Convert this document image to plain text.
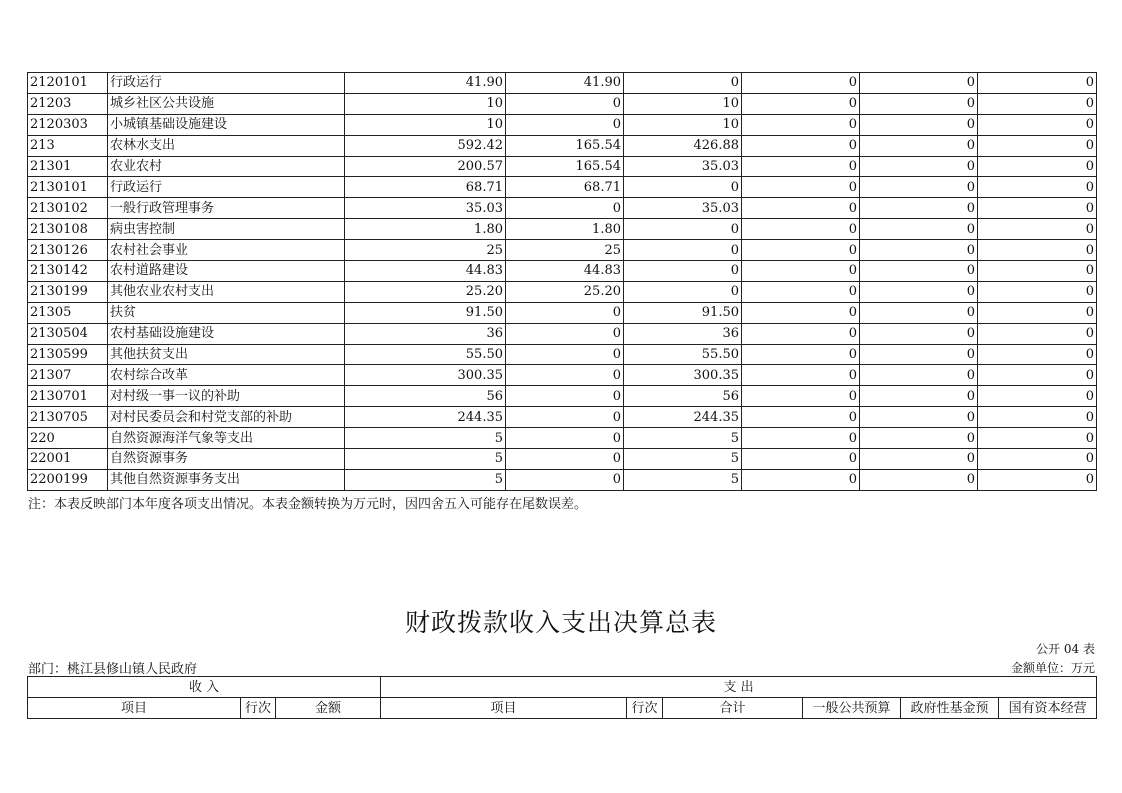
2120101	行政运行	41.90	41.90	0	0	0	0
21203	城乡社区公共设施	10	0	10	0	0	0
2120303	小城镇基础设施建设	10	0	10	0	0	0
213	农林水支出	592.42	165.54	426.88	0	0	0
21301	农业农村	200.57	165.54	35.03	0	0	0
2130101	行政运行	68.71	68.71	0	0	0	0
2130102	一般行政管理事务	35.03	0	35.03	0	0	0
2130108	病虫害控制	1.80	1.80	0	0	0	0
2130126	农村社会事业	25	25	0	0	0	0
2130142	农村道路建设	44.83	44.83	0	0	0	0
2130199	其他农业农村支出	25.20	25.20	0	0	0	0
21305	扶贫	91.50	0	91.50	0	0	0
2130504	农村基础设施建设	36	0	36	0	0	0
2130599	其他扶贫支出	55.50	0	55.50	0	0	0
21307	农村综合改革	300.35	0	300.35	0	0	0
2130701	对村级一事一议的补助	56	0	56	0	0	0
2130705	对村民委员会和村党支部的补助	244.35	0	244.35	0	0	0
220	自然资源海洋气象等支出	5	0	5	0	0	0
22001	自然资源事务	5	0	5	0	0	0
2200199	其他自然资源事务支出	5	0	5	0	0	0
注：本表反映部门本年度各项支出情况。本表金额转换为万元时，因四舍五入可能存在尾数误差。
财政拨款收入支出决算总表
公开 04 表
部门：桃江县修山镇人民政府	金额单位：万元
收 入			支 出					
项目	行次	金额	项目	行次	合计	一般公共预算	政府性基金预	国有资本经营
